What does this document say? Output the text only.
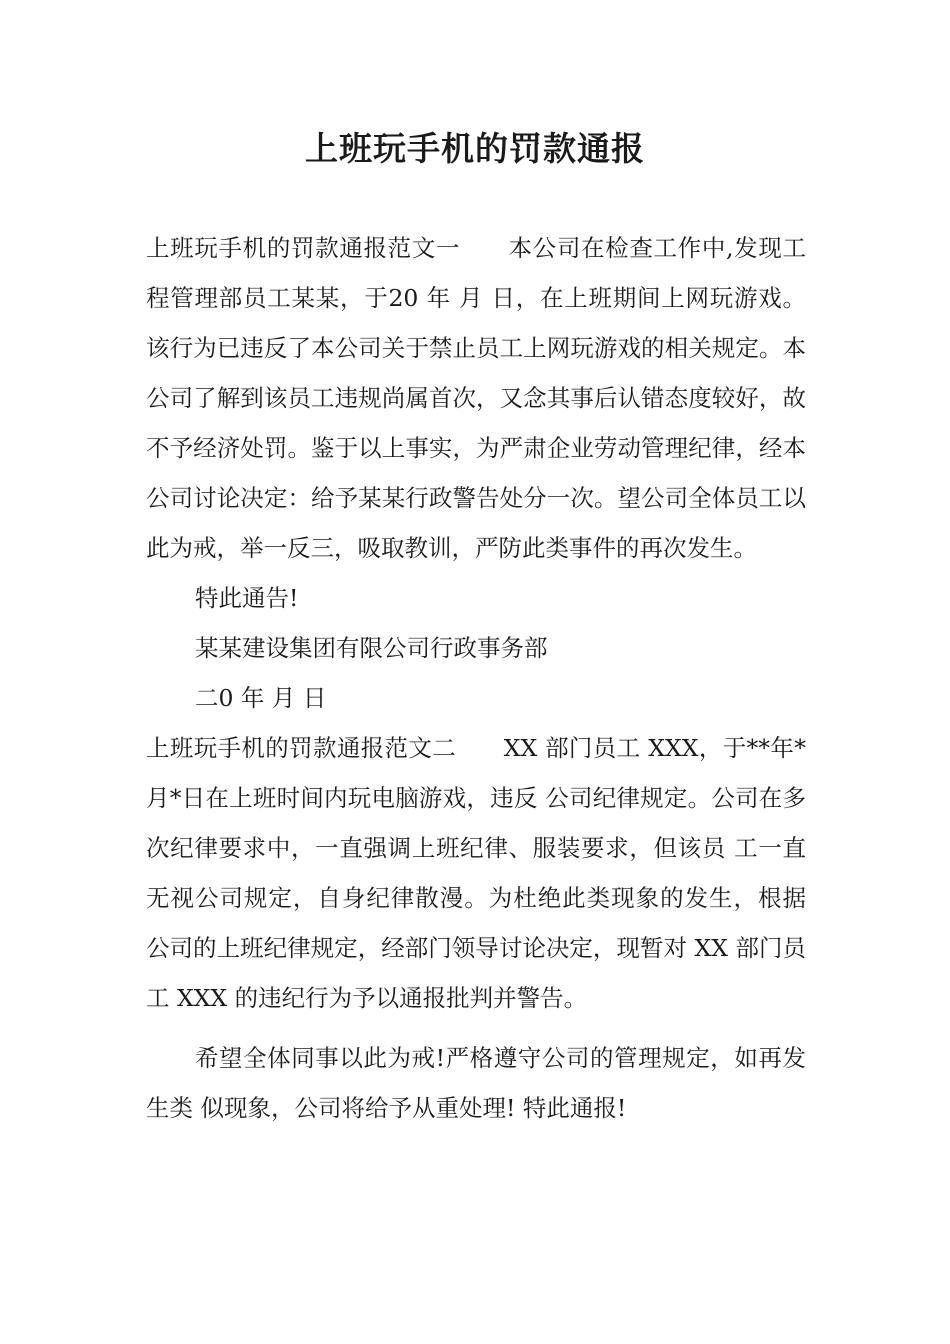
上班玩手机的罚款通报

上班玩手机的罚款通报范文一　　本公司在检查工作中,发现工程管理部员工某某，于20 年 月 日，在上班期间上网玩游戏。该行为已违反了本公司关于禁止员工上网玩游戏的相关规定。本公司了解到该员工违规尚属首次，又念其事后认错态度较好，故不予经济处罚。鉴于以上事实，为严肃企业劳动管理纪律，经本公司讨论决定：给予某某行政警告处分一次。望公司全体员工以此为戒，举一反三，吸取教训，严防此类事件的再次发生。

特此通告!

某某建设集团有限公司行政事务部

二0 年 月 日

上班玩手机的罚款通报范文二　　XX 部门员工 XXX，于**年*月*日在上班时间内玩电脑游戏，违反 公司纪律规定。公司在多次纪律要求中，一直强调上班纪律、服装要求，但该员 工一直无视公司规定，自身纪律散漫。为杜绝此类现象的发生，根据 公司的上班纪律规定，经部门领导讨论决定，现暂对 XX 部门员工 XXX 的违纪行为予以通报批判并警告。

希望全体同事以此为戒!严格遵守公司的管理规定，如再发生类 似现象，公司将给予从重处理! 特此通报!
